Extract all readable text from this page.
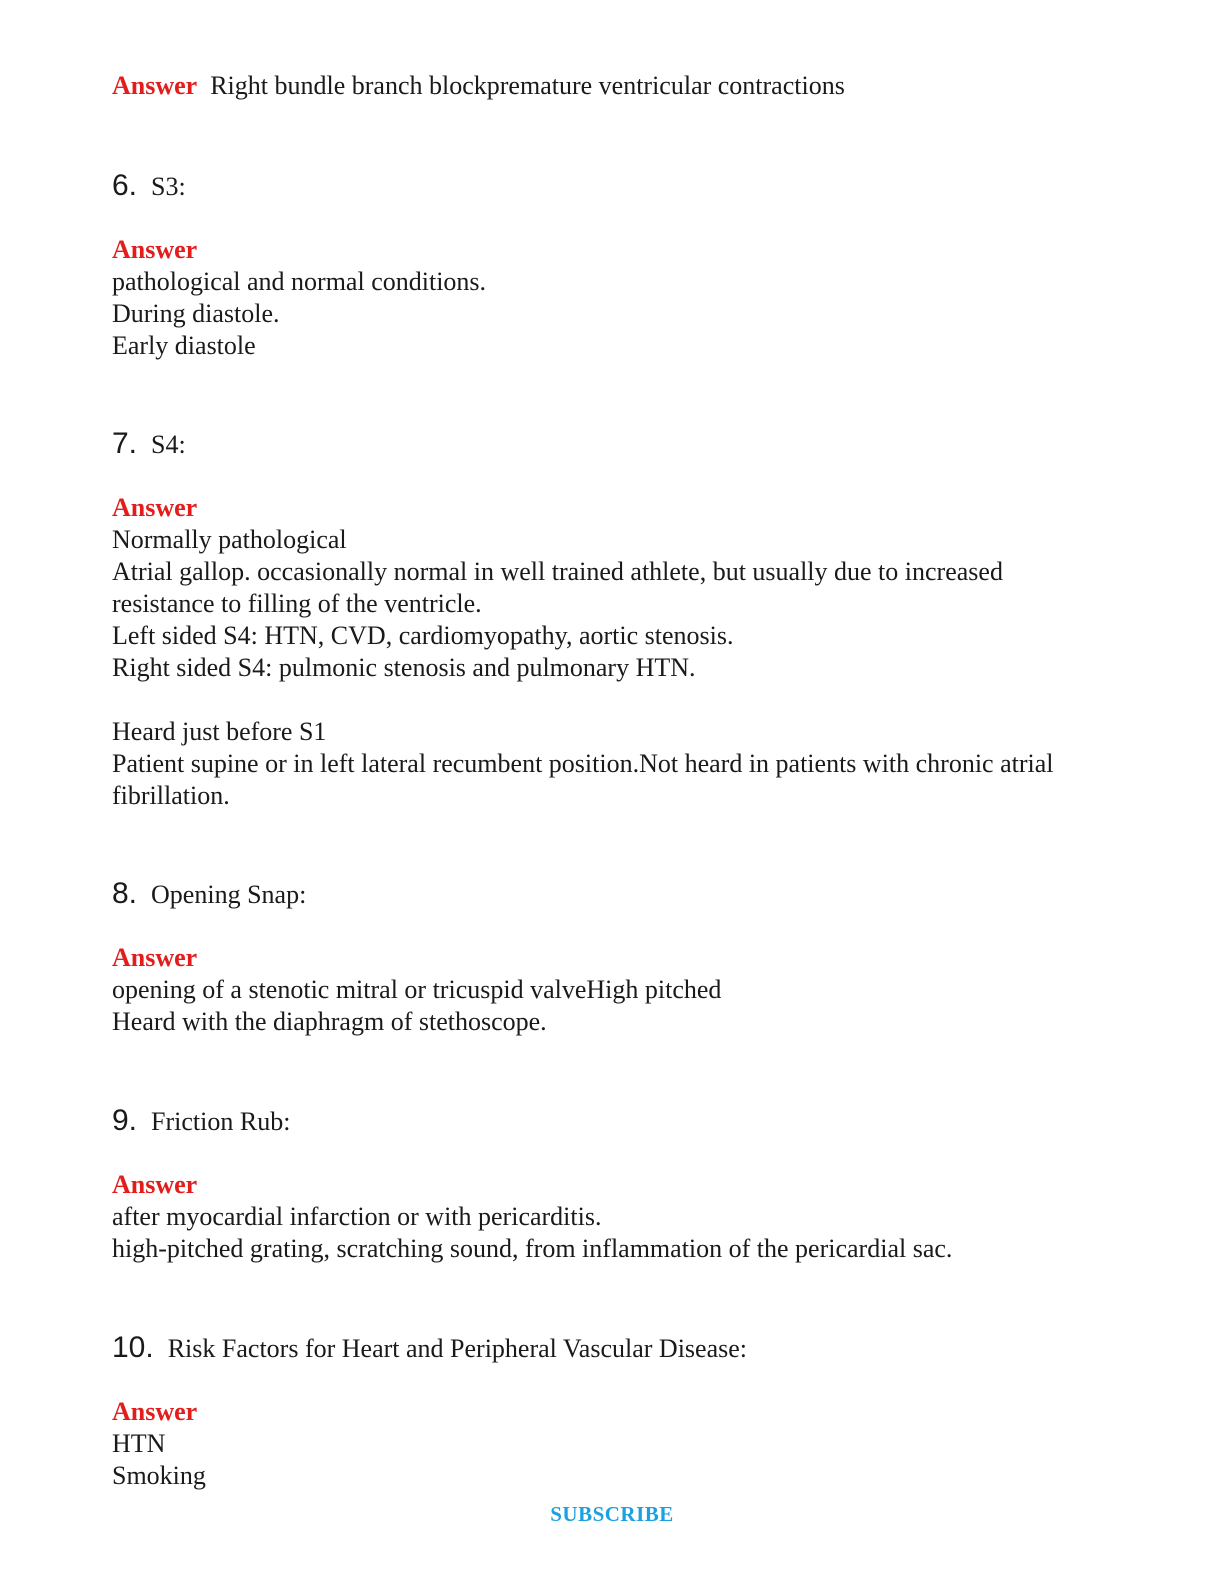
Answer Right bundle branch blockpremature ventricular contractions
6. S3:
Answer
pathological and normal conditions.
During diastole.
Early diastole
7. S4:
Answer
Normally pathological
Atrial gallop. occasionally normal in well trained athlete, but usually due to increased
resistance to filling of the ventricle.
Left sided S4: HTN, CVD, cardiomyopathy, aortic stenosis.
Right sided S4: pulmonic stenosis and pulmonary HTN.
Heard just before S1
Patient supine or in left lateral recumbent position.Not heard in patients with chronic atrial
fibrillation.
8. Opening Snap:
Answer
opening of a stenotic mitral or tricuspid valveHigh pitched
Heard with the diaphragm of stethoscope.
9. Friction Rub:
Answer
after myocardial infarction or with pericarditis.
high-pitched grating, scratching sound, from inflammation of the pericardial sac.
10. Risk Factors for Heart and Peripheral Vascular Disease:
Answer
HTN
Smoking
SUBSCRIBE
